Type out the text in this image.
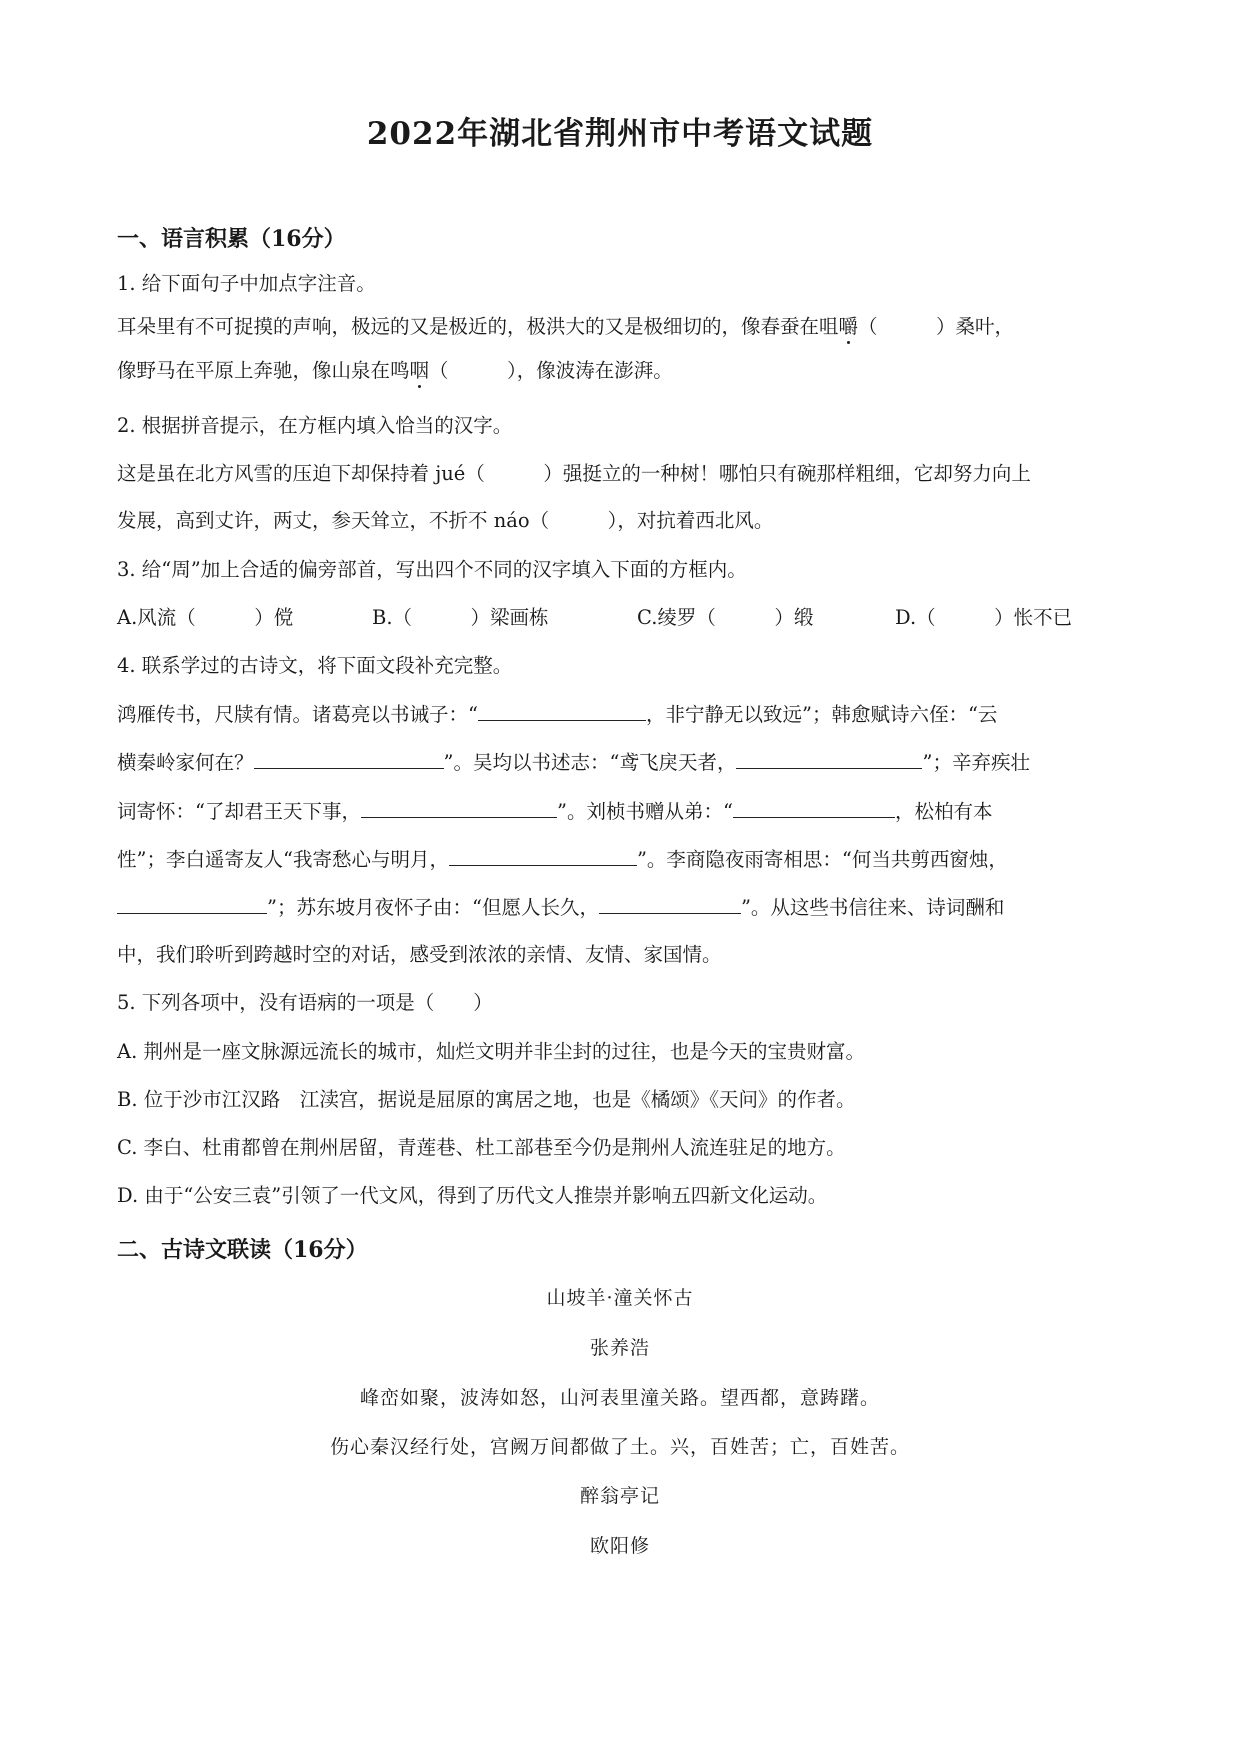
2022年湖北省荆州市中考语文试题
一、语言积累（16分）
1. 给下面句子中加点字注音。
耳朵里有不可捉摸的声响，极远的又是极近的，极洪大的又是极细切的，像春蚕在咀嚼（　　　）桑叶，
像野马在平原上奔驰，像山泉在鸣咽（　　　），像波涛在澎湃。
2. 根据拼音提示，在方框内填入恰当的汉字。
这是虽在北方风雪的压迫下却保持着 jué（　　　）强挺立的一种树！哪怕只有碗那样粗细，它却努力向上
发展，高到丈许，两丈，参天耸立，不折不 náo（　　　），对抗着西北风。
3. 给“周”加上合适的偏旁部首，写出四个不同的汉字填入下面的方框内。
A.风流（　　　）傥	B.（　　　）梁画栋	C.绫罗（　　　）缎	D.（　　　）怅不已
4. 联系学过的古诗文，将下面文段补充完整。
鸿雁传书，尺牍有情。诸葛亮以书诫子：“	，非宁静无以致远”；韩愈赋诗六侄：“云
横秦岭家何在？	”。吴均以书述志：“鸢飞戾天者，	”；辛弃疾壮
词寄怀：“了却君王天下事，	”。刘桢书赠从弟：“	，松柏有本
性”；李白遥寄友人“我寄愁心与明月，	”。李商隐夜雨寄相思：“何当共剪西窗烛，
”；苏东坡月夜怀子由：“但愿人长久，	”。从这些书信往来、诗词酬和
中，我们聆听到跨越时空的对话，感受到浓浓的亲情、友情、家国情。
5. 下列各项中，没有语病的一项是（　　）
A. 荆州是一座文脉源远流长的城市，灿烂文明并非尘封的过往，也是今天的宝贵财富。
B. 位于沙市江汉路　江渎宫，据说是屈原的寓居之地，也是《橘颂》《天问》的作者。
C. 李白、杜甫都曾在荆州居留，青莲巷、杜工部巷至今仍是荆州人流连驻足的地方。
D. 由于“公安三袁”引领了一代文风，得到了历代文人推崇并影响五四新文化运动。
二、古诗文联读（16分）
山坡羊·潼关怀古
张养浩
峰峦如聚，波涛如怒，山河表里潼关路。望西都，意踌躇。
伤心秦汉经行处，宫阙万间都做了土。兴，百姓苦；亡，百姓苦。
醉翁亭记
欧阳修
